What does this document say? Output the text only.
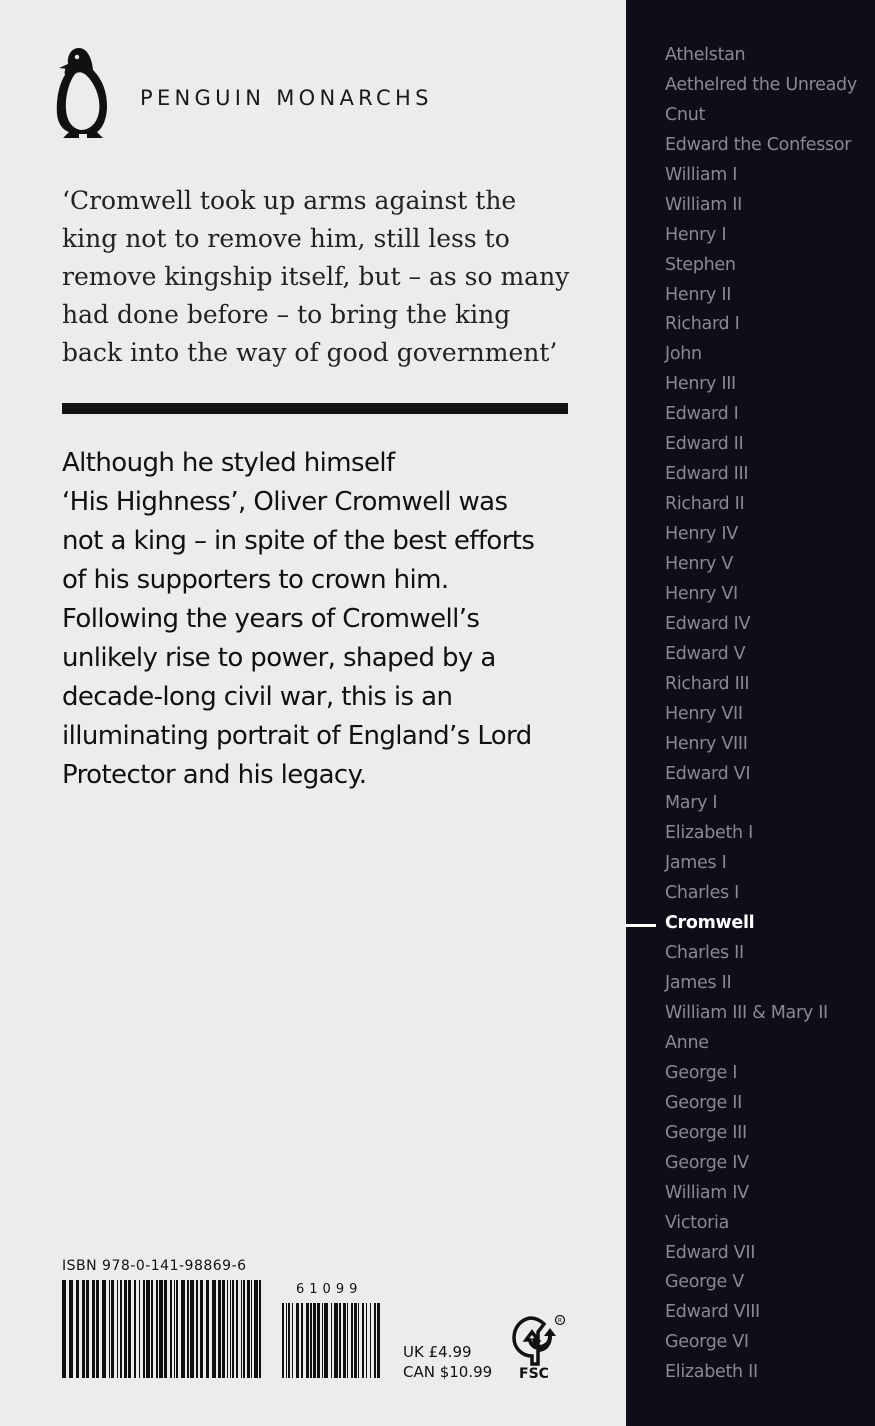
PENGUIN MONARCHS

‘Cromwell took up arms against the

king not to remove him, still less to

remove kingship itself, but – as so many

had done before – to bring the king

back into the way of good government’

Although he styled himself

‘His Highness’, Oliver Cromwell was

not a king – in spite of the best efforts

of his supporters to crown him.

Following the years of Cromwell’s

unlikely rise to power, shaped by a

decade-long civil war, this is an

illuminating portrait of England’s Lord

Protector and his legacy.

ISBN 978-0-141-98869-6
61099
UK £4.99
CAN $10.99
R
FSC
Athelstan
Aethelred the Unready
Cnut
Edward the Confessor
William I
William II
Henry I
Stephen
Henry II
Richard I
John
Henry III
Edward I
Edward II
Edward III
Richard II
Henry IV
Henry V
Henry VI
Edward IV
Edward V
Richard III
Henry VII
Henry VIII
Edward VI
Mary I
Elizabeth I
James I
Charles I
Cromwell
Charles II
James II
William III & Mary II
Anne
George I
George II
George III
George IV
William IV
Victoria
Edward VII
George V
Edward VIII
George VI
Elizabeth II
